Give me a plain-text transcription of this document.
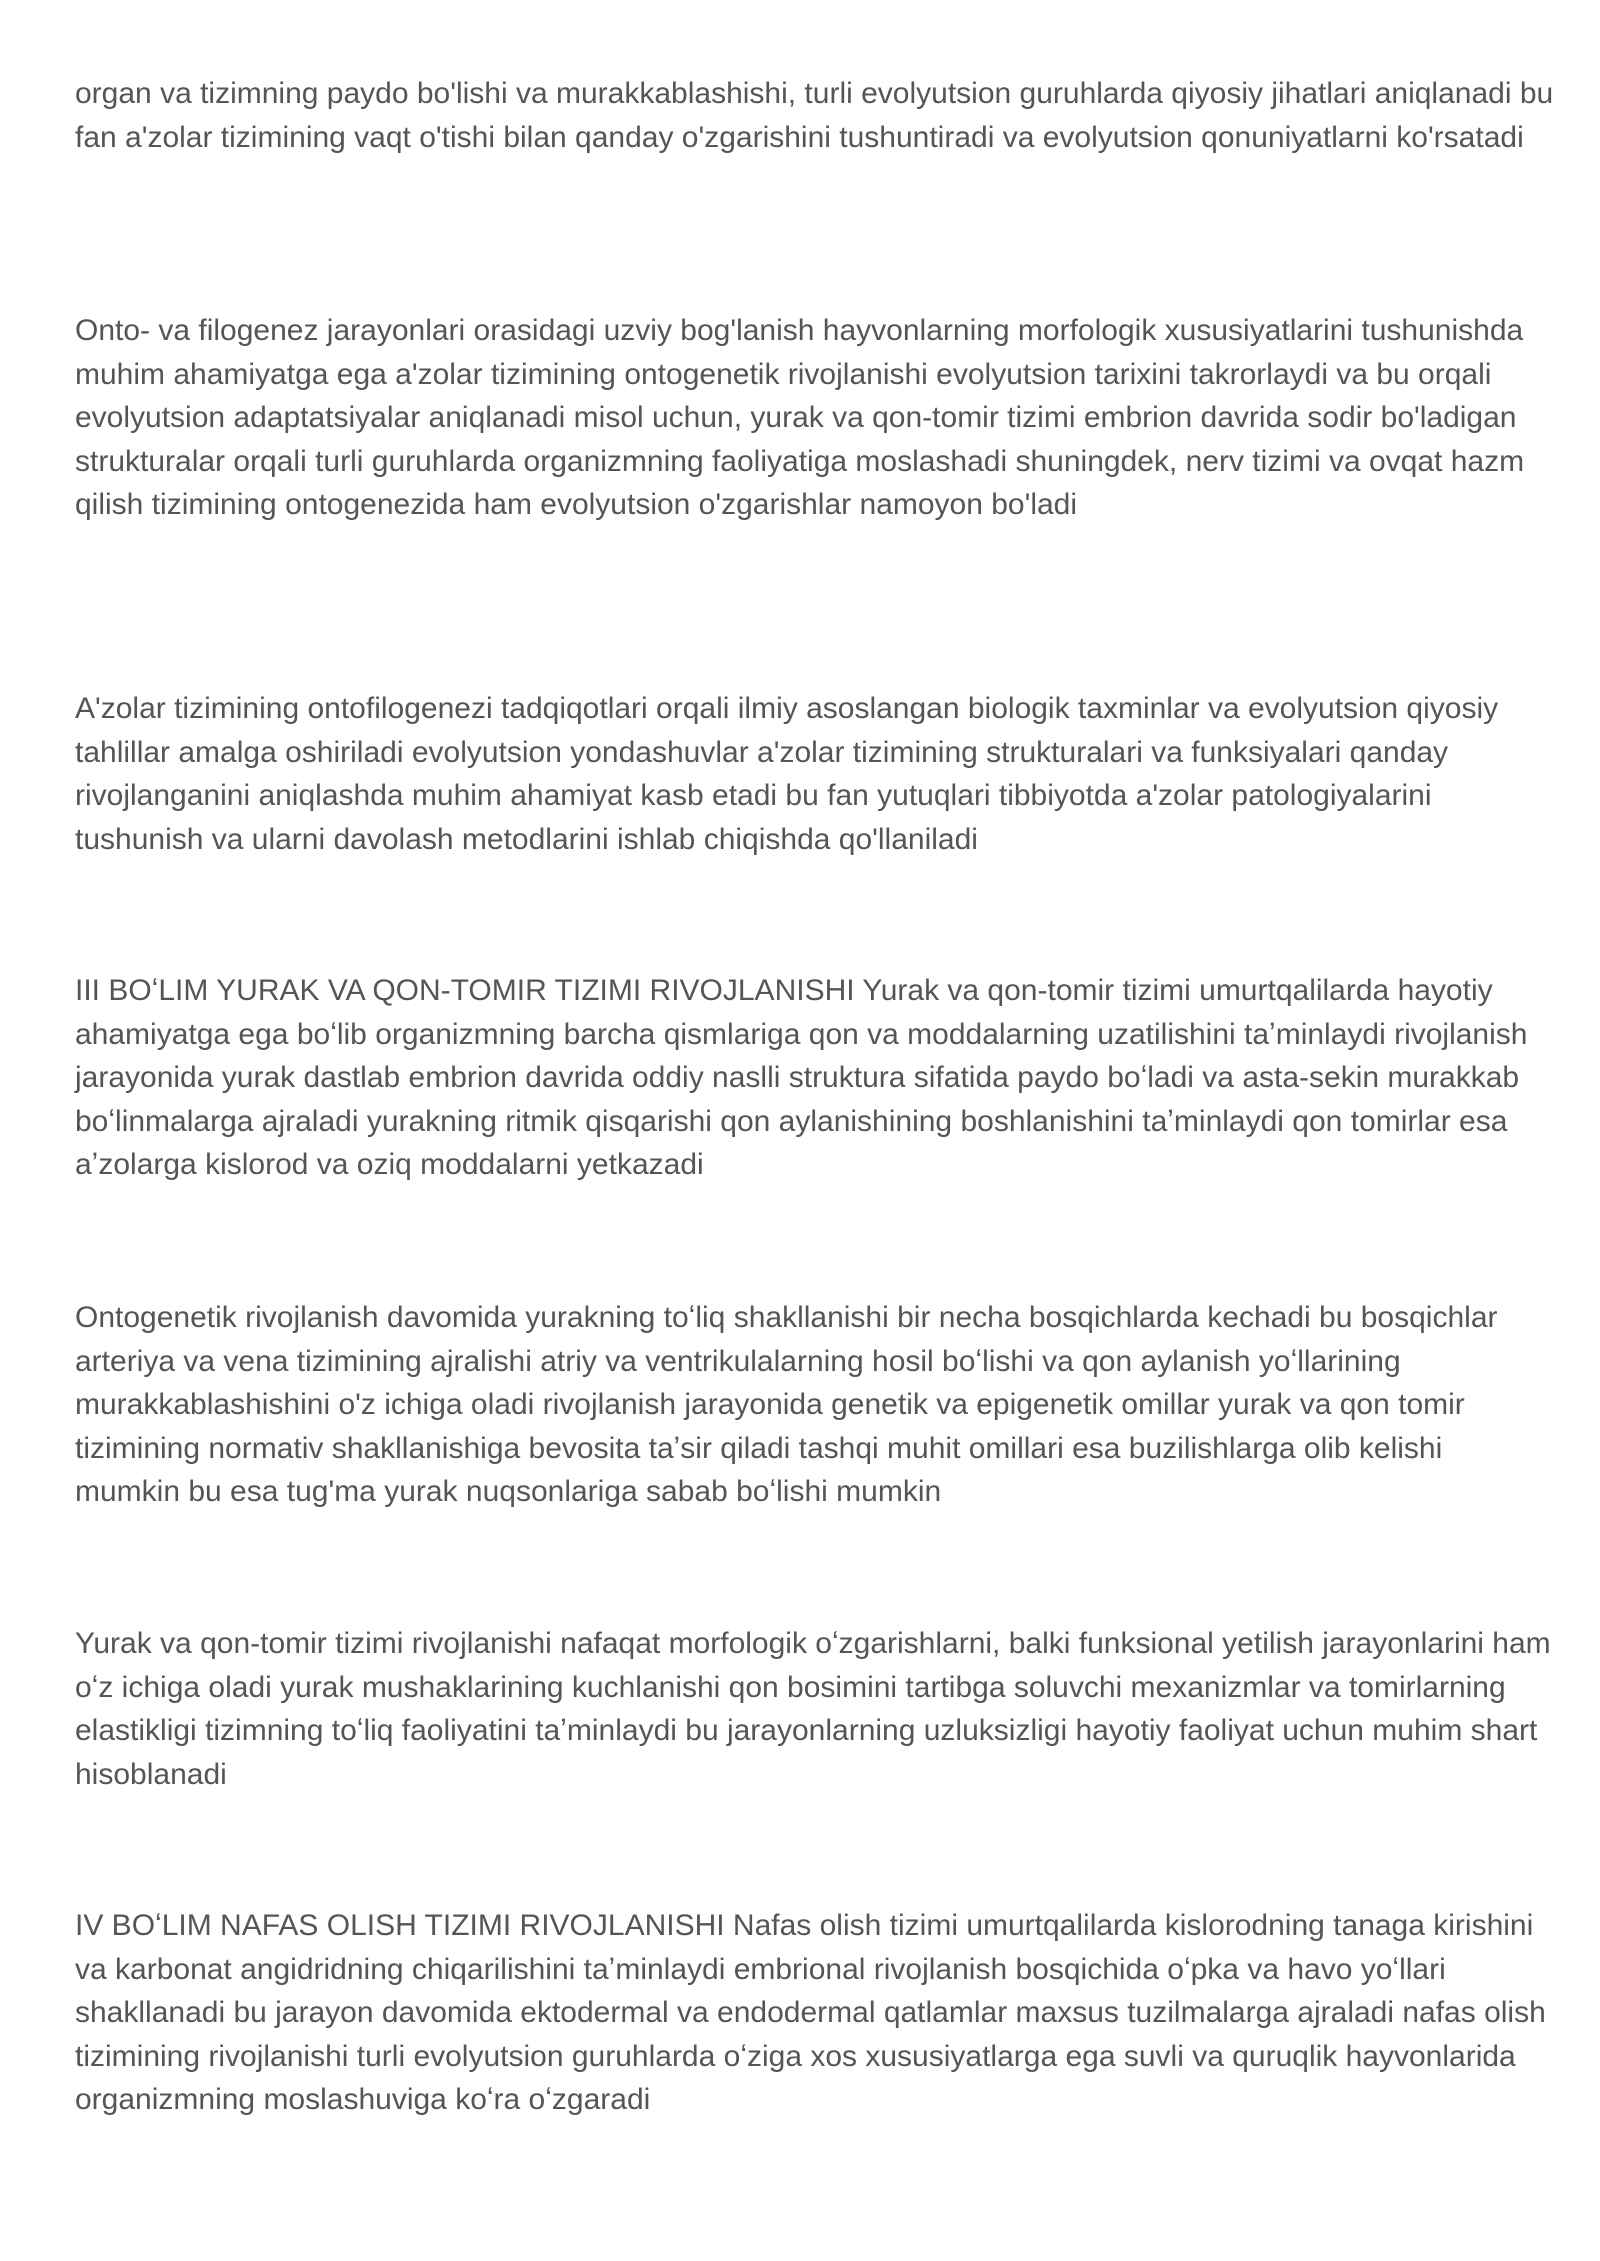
organ va tizimning paydo bo'lishi va murakkablashishi, turli evolyutsion guruhlarda qiyosiy jihatlari aniqlanadi bu fan a'zolar tizimining vaqt o'tishi bilan qanday o'zgarishini tushuntiradi va evolyutsion qonuniyatlarni ko'rsatadi

Onto- va filogenez jarayonlari orasidagi uzviy bog'lanish hayvonlarning morfologik xususiyatlarini tushunishda muhim ahamiyatga ega a'zolar tizimining ontogenetik rivojlanishi evolyutsion tarixini takrorlaydi va bu orqali evolyutsion adaptatsiyalar aniqlanadi misol uchun, yurak va qon-tomir tizimi embrion davrida sodir bo'ladigan strukturalar orqali turli guruhlarda organizmning faoliyatiga moslashadi shuningdek, nerv tizimi va ovqat hazm qilish tizimining ontogenezida ham evolyutsion o'zgarishlar namoyon bo'ladi

A'zolar tizimining ontofilogenezi tadqiqotlari orqali ilmiy asoslangan biologik taxminlar va evolyutsion qiyosiy tahlillar amalga oshiriladi evolyutsion yondashuvlar a'zolar tizimining strukturalari va funksiyalari qanday rivojlanganini aniqlashda muhim ahamiyat kasb etadi bu fan yutuqlari tibbiyotda a'zolar patologiyalarini tushunish va ularni davolash metodlarini ishlab chiqishda qo'llaniladi

III BOʻLIM YURAK VA QON-TOMIR TIZIMI RIVOJLANISHI Yurak va qon-tomir tizimi umurtqalilarda hayotiy ahamiyatga ega boʻlib organizmning barcha qismlariga qon va moddalarning uzatilishini taʼminlaydi rivojlanish jarayonida yurak dastlab embrion davrida oddiy naslli struktura sifatida paydo boʻladi va asta-sekin murakkab boʻlinmalarga ajraladi yurakning ritmik qisqarishi qon aylanishining boshlanishini taʼminlaydi qon tomirlar esa aʼzolarga kislorod va oziq moddalarni yetkazadi

Ontogenetik rivojlanish davomida yurakning toʻliq shakllanishi bir necha bosqichlarda kechadi bu bosqichlar arteriya va vena tizimining ajralishi atriy va ventrikulalarning hosil boʻlishi va qon aylanish yoʻllarining murakkablashishini o'z ichiga oladi rivojlanish jarayonida genetik va epigenetik omillar yurak va qon tomir tizimining normativ shakllanishiga bevosita taʼsir qiladi tashqi muhit omillari esa buzilishlarga olib kelishi mumkin bu esa tug'ma yurak nuqsonlariga sabab boʻlishi mumkin

Yurak va qon-tomir tizimi rivojlanishi nafaqat morfologik oʻzgarishlarni, balki funksional yetilish jarayonlarini ham oʻz ichiga oladi yurak mushaklarining kuchlanishi qon bosimini tartibga soluvchi mexanizmlar va tomirlarning elastikligi tizimning toʻliq faoliyatini taʼminlaydi bu jarayonlarning uzluksizligi hayotiy faoliyat uchun muhim shart hisoblanadi

IV BOʻLIM NAFAS OLISH TIZIMI RIVOJLANISHI Nafas olish tizimi umurtqalilarda kislorodning tanaga kirishini va karbonat angidridning chiqarilishini taʼminlaydi embrional rivojlanish bosqichida oʻpka va havo yoʻllari shakllanadi bu jarayon davomida ektodermal va endodermal qatlamlar maxsus tuzilmalarga ajraladi nafas olish tizimining rivojlanishi turli evolyutsion guruhlarda oʻziga xos xususiyatlarga ega suvli va quruqlik hayvonlarida organizmning moslashuviga koʻra oʻzgaradi
